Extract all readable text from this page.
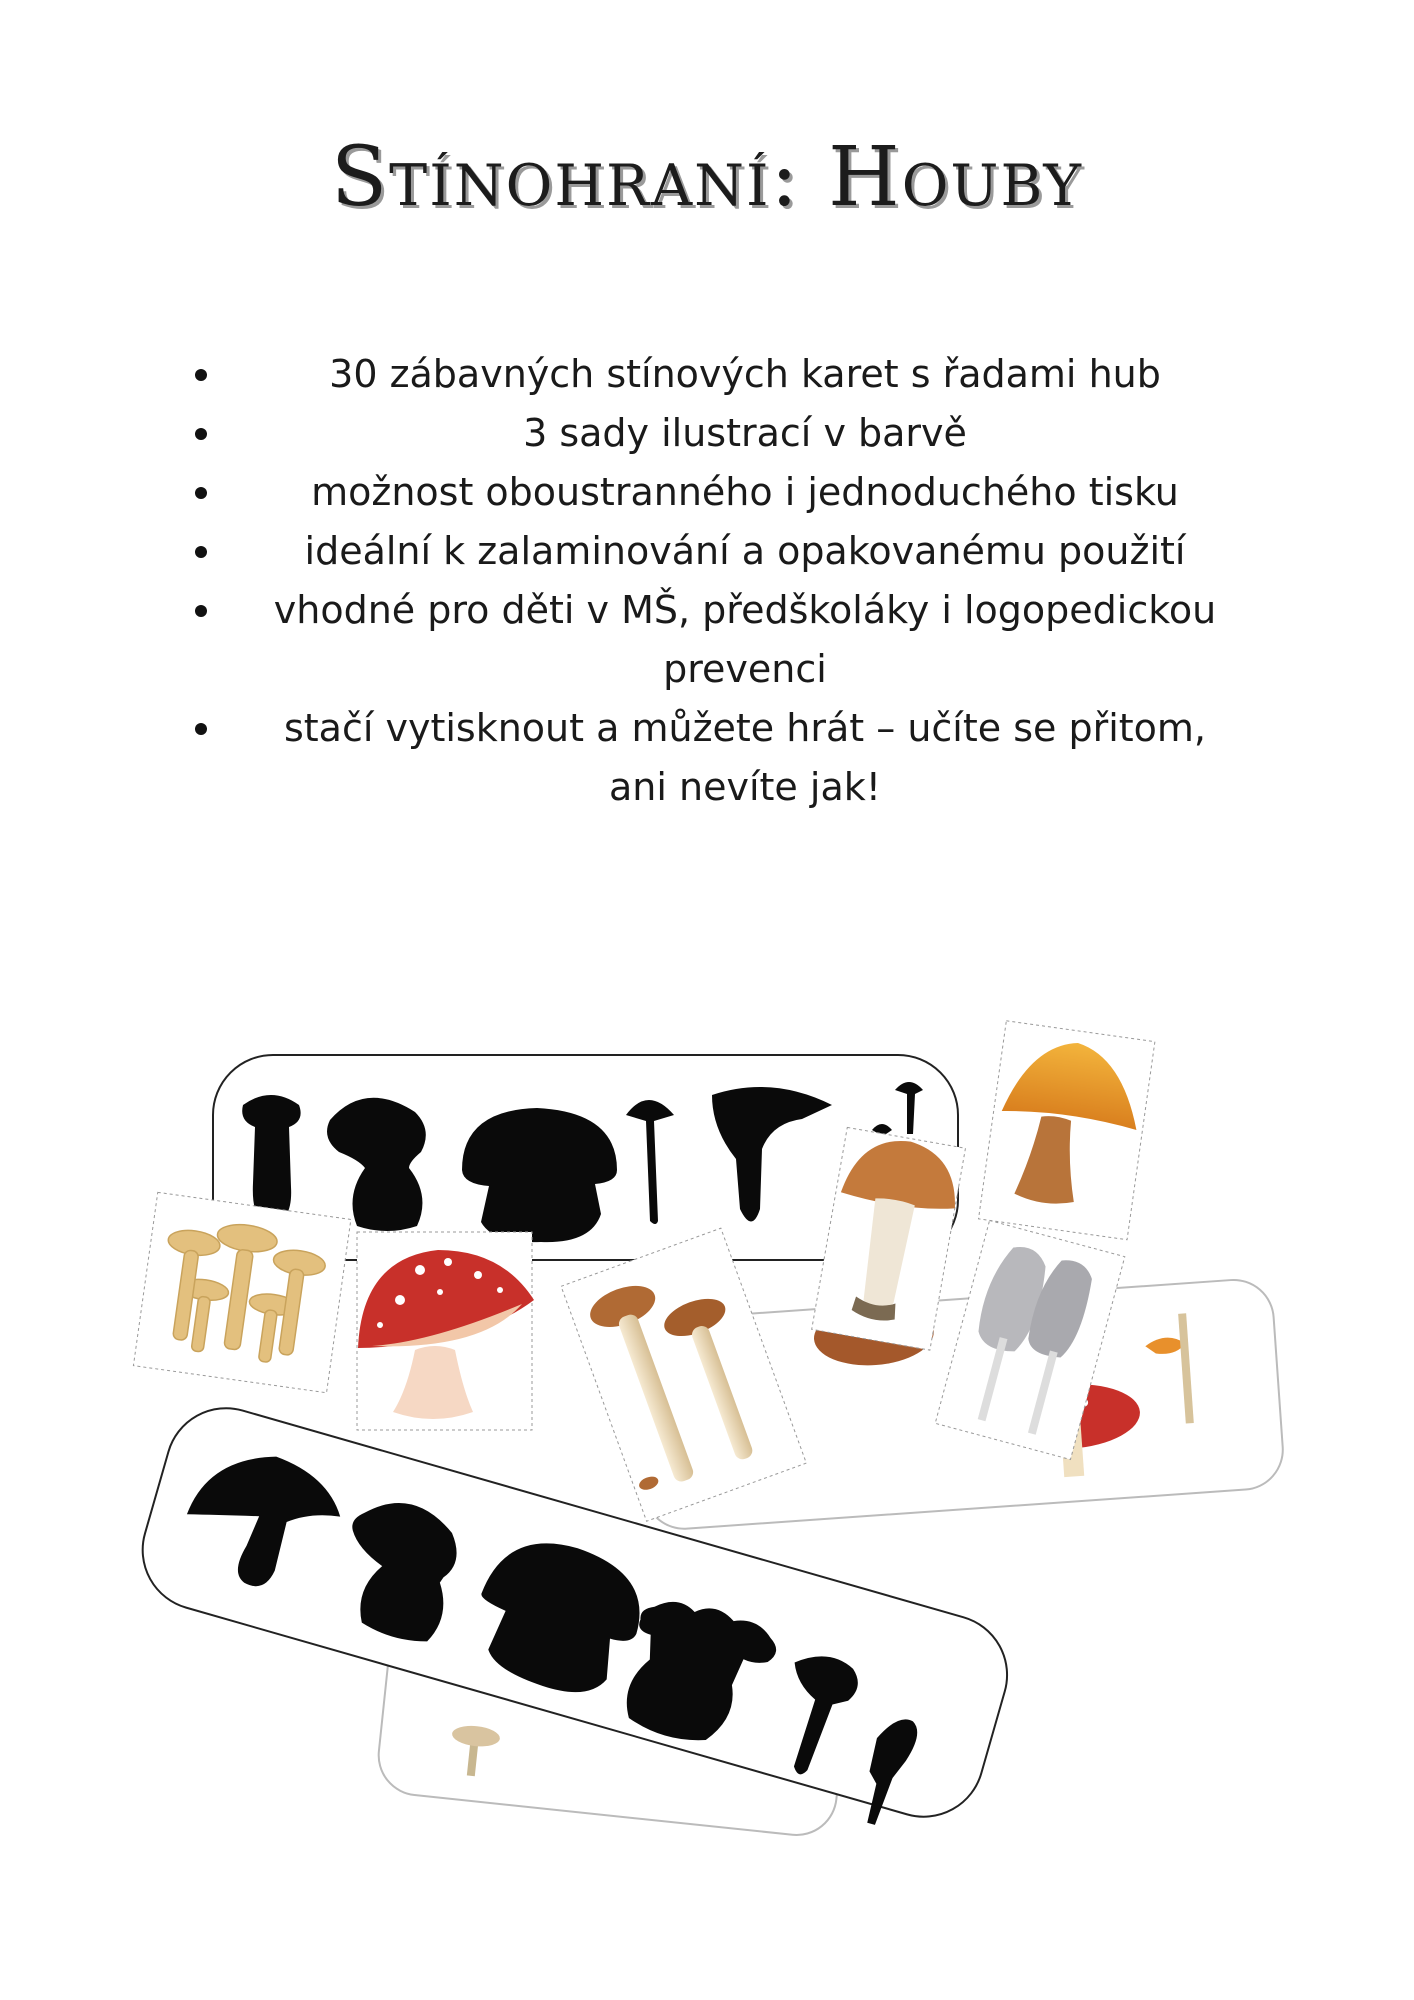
Stínohraní: Houby
30 zábavných stínových karet s řadami hub
3 sady ilustrací v barvě
možnost oboustranného i jednoduchého tisku
ideální k zalaminování a opakovanému použití
vhodné pro děti v MŠ, předškoláky i logopedickou prevenci
stačí vytisknout a můžete hrát – učíte se přitom, ani nevíte jak!
